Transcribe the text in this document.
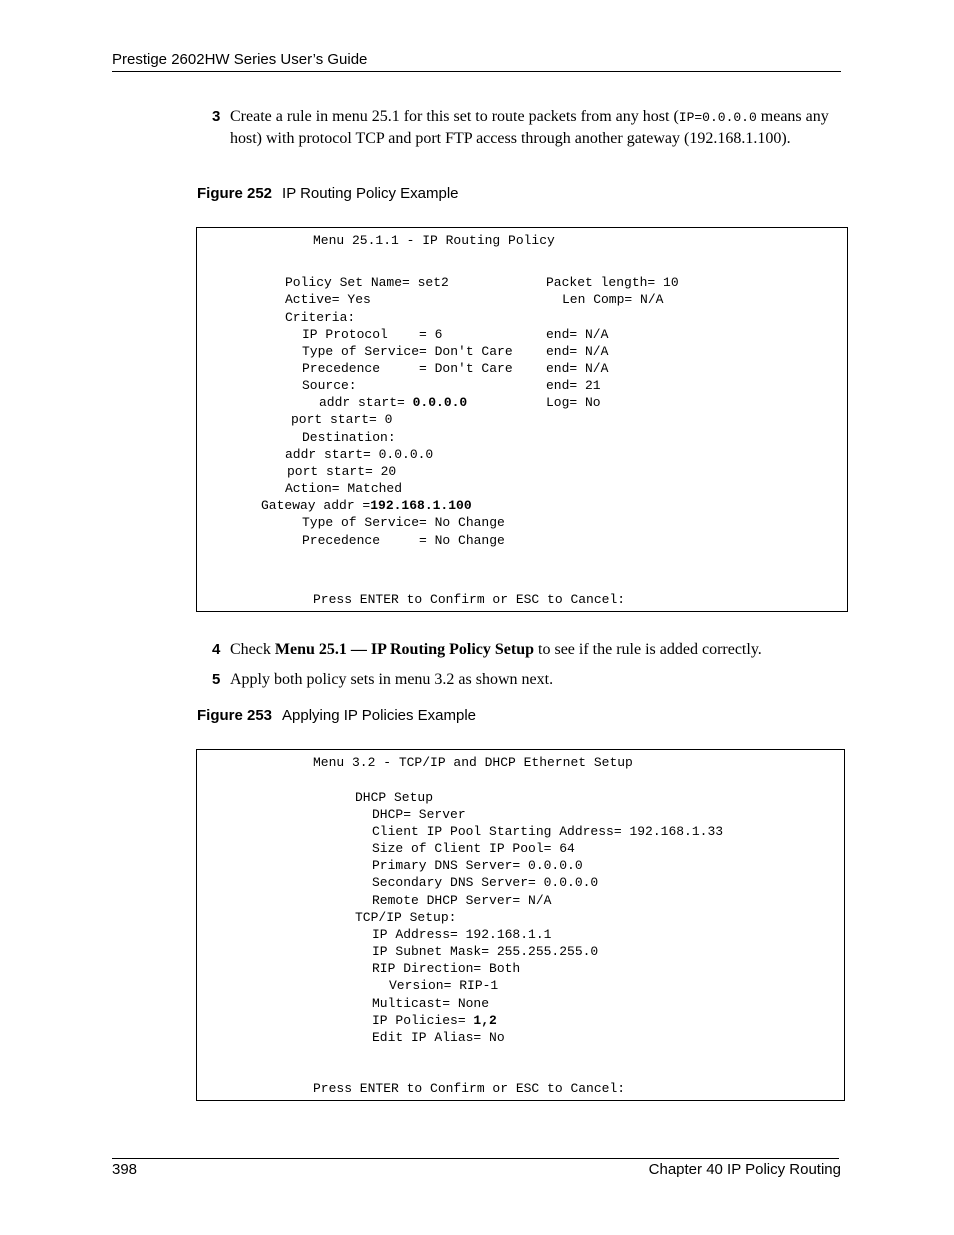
Prestige 2602HW Series User’s Guide
3 Create a rule in menu 25.1 for this set to route packets from any host (IP=0.0.0.0 means any host) with protocol TCP and port FTP access through another gateway (192.168.1.100).
Figure 252 IP Routing Policy Example
Menu 25.1.1 - IP Routing Policy
Policy Set Name= set2	Packet length= 10
Active= Yes	Len Comp= N/A
Criteria:
IP Protocol    = 6	end= N/A
Type of Service= Don't Care	end= N/A
Precedence     = Don't Care	end= N/A
Source:	end= 21
addr start= 0.0.0.0	Log= No
port start= 0
Destination:
addr start= 0.0.0.0
port start= 20
Action= Matched
Gateway addr =192.168.1.100
Type of Service= No Change
Precedence     = No Change
Press ENTER to Confirm or ESC to Cancel:
4 Check Menu 25.1 — IP Routing Policy Setup to see if the rule is added correctly.
5 Apply both policy sets in menu 3.2 as shown next.
Figure 253 Applying IP Policies Example
Menu 3.2 - TCP/IP and DHCP Ethernet Setup
DHCP Setup
DHCP= Server
Client IP Pool Starting Address= 192.168.1.33
Size of Client IP Pool= 64
Primary DNS Server= 0.0.0.0
Secondary DNS Server= 0.0.0.0
Remote DHCP Server= N/A
TCP/IP Setup:
IP Address= 192.168.1.1
IP Subnet Mask= 255.255.255.0
RIP Direction= Both
Version= RIP-1
Multicast= None
IP Policies= 1,2
Edit IP Alias= No
Press ENTER to Confirm or ESC to Cancel:
398	Chapter 40 IP Policy Routing
